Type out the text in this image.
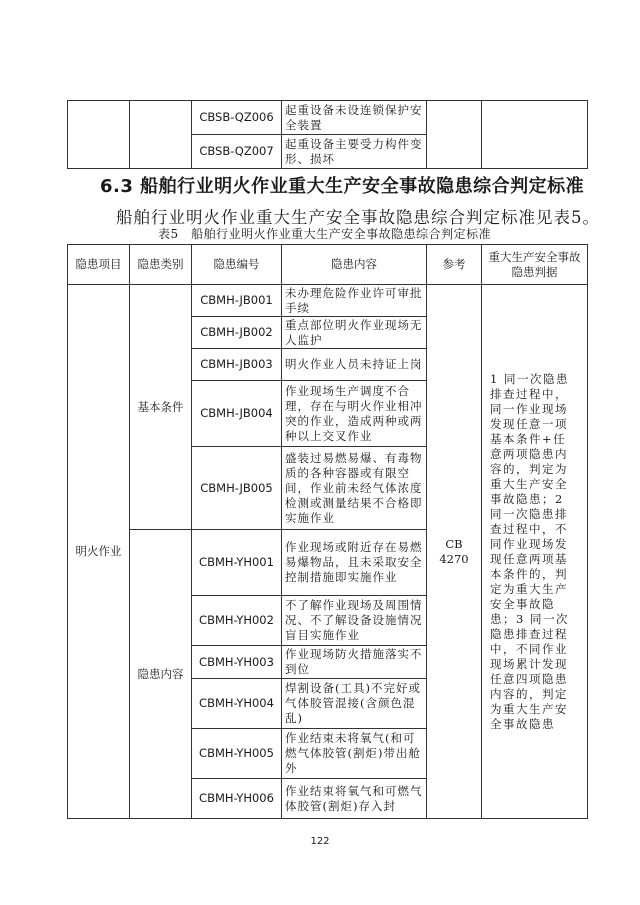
		CBSB-QZ006	起重设备未设连锁保护安全装置		
		CBSB-QZ007	起重设备主要受力构件变形、损坏		
6.3 船舶行业明火作业重大生产安全事故隐患综合判定标准
船舶行业明火作业重大生产安全事故隐患综合判定标准见表5。
表5　船舶行业明火作业重大生产安全事故隐患综合判定标准
隐患项目	隐患类别	隐患编号	隐患内容	参考	重大生产安全事故隐患判据
明火作业	基本条件	CBMH-JB001	未办理危险作业许可审批手续	CB 4270	1 同一次隐患排查过程中，同一作业现场发现任意一项基本条件+任意两项隐患内容的，判定为重大生产安全事故隐患；2 同一次隐患排查过程中，不同作业现场发现任意两项基本条件的，判定为重大生产安全事故隐患；3 同一次隐患排查过程中，不同作业现场累计发现任意四项隐患内容的，判定为重大生产安全事故隐患
		CBMH-JB002	重点部位明火作业现场无人监护		
		CBMH-JB003	明火作业人员未持证上岗		
		CBMH-JB004	作业现场生产调度不合理，存在与明火作业相冲突的作业，造成两种或两种以上交叉作业		
		CBMH-JB005	盛装过易燃易爆、有毒物质的各种容器或有限空间，作业前未经气体浓度检测或测量结果不合格即实施作业		
	隐患内容	CBMH-YH001	作业现场或附近存在易燃易爆物品，且未采取安全控制措施即实施作业		
		CBMH-YH002	不了解作业现场及周围情况、不了解设备设施情况盲目实施作业		
		CBMH-YH003	作业现场防火措施落实不到位		
		CBMH-YH004	焊割设备(工具)不完好或气体胶管混接(含颜色混乱)		
		CBMH-YH005	作业结束未将氧气(和可燃气体胶管(割炬)带出舱外		
		CBMH-YH006	作业结束将氧气和可燃气体胶管(割炬)存入封		
122
